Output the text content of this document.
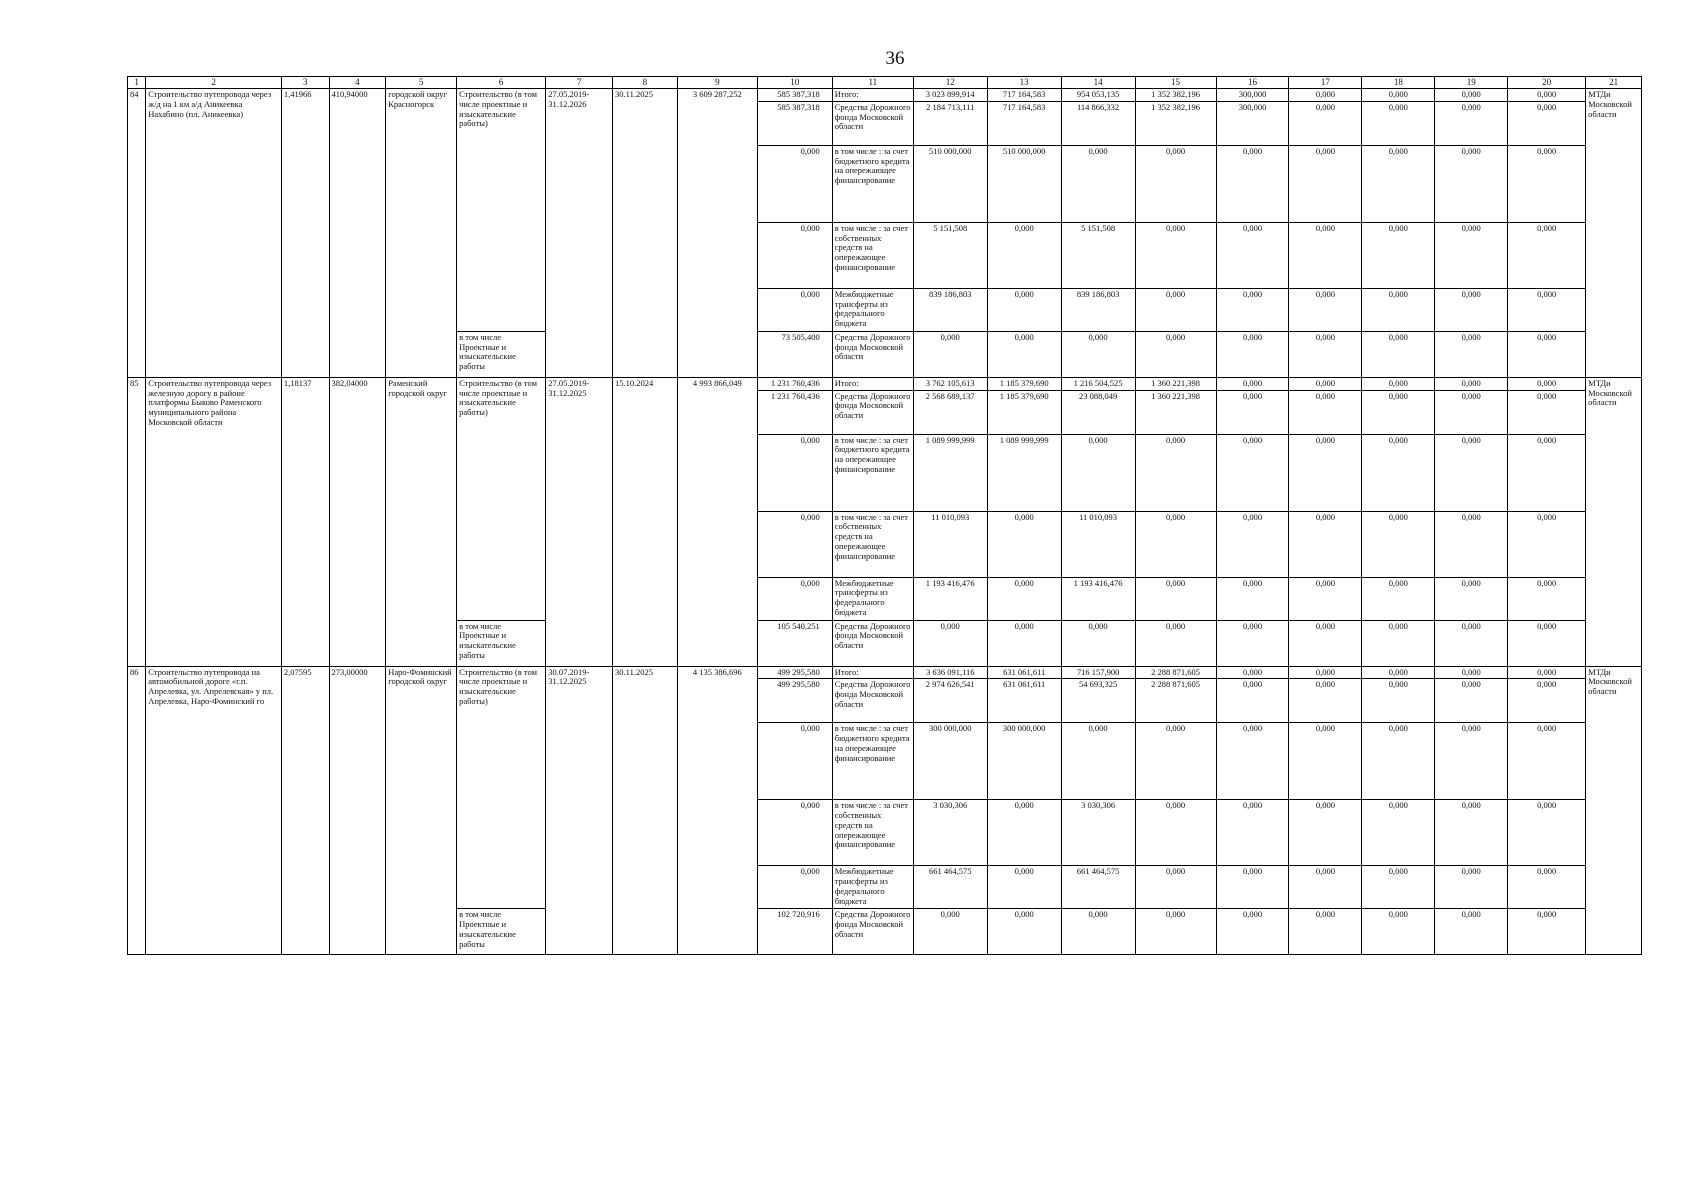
36
1	2	3	4	5	6	7	8	9	10	11	12	13	14	15	16	17	18	19	20	21
84	Строительство путепровода через ж/д на 1 км а/д Аникеевка Нахабино (пл. Аникеевка)	1,41966	410,94000	городской округ Красногорск	Строительство (в том числе проектные и изыскательские работы)	27.05.2019-31.12.2026	30.11.2025	3 609 287,252	585 387,318	Итого:	3 023 899,914	717 164,583	954 053,135	1 352 382,196	300,000	0,000	0,000	0,000	0,000	МТДи Московской области
									585 387,318	Средства Дорожного фонда Московской области	2 184 713,111	717 164,583	114 866,332	1 352 382,196	300,000	0,000	0,000	0,000	0,000	
									0,000	в том числе : за счет бюджетного кредита на опережающее финансирование	510 000,000	510 000,000	0,000	0,000	0,000	0,000	0,000	0,000	0,000	
									0,000	в том числе : за счет собственных средств на опережающее финансирование	5 151,508	0,000	5 151,508	0,000	0,000	0,000	0,000	0,000	0,000	
									0,000	Межбюджетные трансферты из федерального бюджета	839 186,803	0,000	839 186,803	0,000	0,000	0,000	0,000	0,000	0,000	
					в том числе Проектные и изыскательские работы				73 505,400	Средства Дорожного фонда Московской области	0,000	0,000	0,000	0,000	0,000	0,000	0,000	0,000	0,000	
85	Строительство путепровода через железную дорогу в районе платформы Быково Раменского муниципального района Московской области	1,18137	382,04000	Раменский городской округ	Строительство (в том числе проектные и изыскательские работы)	27.05.2019-31.12.2025	15.10.2024	4 993 866,049	1 231 760,436	Итого:	3 762 105,613	1 185 379,690	1 216 504,525	1 360 221,398	0,000	0,000	0,000	0,000	0,000	МТДи Московской области
									1 231 760,436	Средства Дорожного фонда Московской области	2 568 689,137	1 185 379,690	23 088,049	1 360 221,398	0,000	0,000	0,000	0,000	0,000	
									0,000	в том числе : за счет бюджетного кредита на опережающее финансирование	1 089 999,999	1 089 999,999	0,000	0,000	0,000	0,000	0,000	0,000	0,000	
									0,000	в том числе : за счет собственных средств на опережающее финансирование	11 010,093	0,000	11 010,093	0,000	0,000	0,000	0,000	0,000	0,000	
									0,000	Межбюджетные трансферты из федерального бюджета	1 193 416,476	0,000	1 193 416,476	0,000	0,000	0,000	0,000	0,000	0,000	
					в том числе Проектные и изыскательские работы				105 540,251	Средства Дорожного фонда Московской области	0,000	0,000	0,000	0,000	0,000	0,000	0,000	0,000	0,000	
86	Строительство путепровода на автомобильной дороге «г.п. Апрелевка, ул. Апрелевская» у пл. Апрелевка, Наро-Фоминский го	2,07595	273,00000	Наро-Фоминский городской округ	Строительство (в том числе проектные и изыскательские работы)	30.07.2019-31.12.2025	30.11.2025	4 135 386,696	499 295,580	Итого:	3 636 091,116	631 061,611	716 157,900	2 288 871,605	0,000	0,000	0,000	0,000	0,000	МТДи Московской области
									499 295,580	Средства Дорожного фонда Московской области	2 974 626,541	631 061,611	54 693,325	2 288 871,605	0,000	0,000	0,000	0,000	0,000	
									0,000	в том числе : за счет бюджетного кредита на опережающее финансирование	300 000,000	300 000,000	0,000	0,000	0,000	0,000	0,000	0,000	0,000	
									0,000	в том числе : за счет собственных средств на опережающее финансирование	3 030,306	0,000	3 030,306	0,000	0,000	0,000	0,000	0,000	0,000	
									0,000	Межбюджетные трансферты из федерального бюджета	661 464,575	0,000	661 464,575	0,000	0,000	0,000	0,000	0,000	0,000	
					в том числе Проектные и изыскательские работы				102 720,916	Средства Дорожного фонда Московской области	0,000	0,000	0,000	0,000	0,000	0,000	0,000	0,000	0,000	
